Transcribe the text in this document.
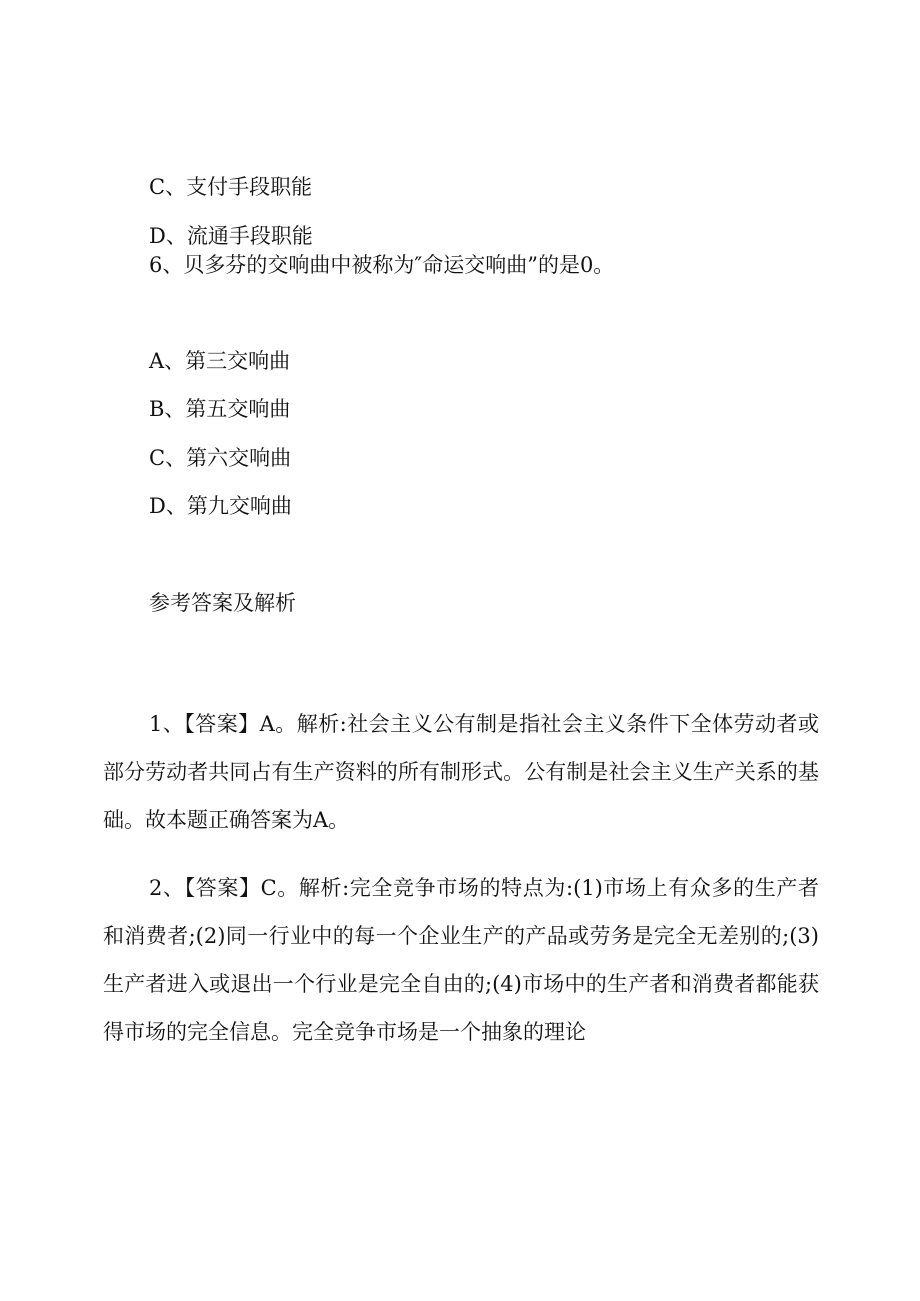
C、支付手段职能
D、流通手段职能
6、贝多芬的交响曲中被称为″命运交响曲”的是0。
A、第三交响曲
B、第五交响曲
C、第六交响曲
D、第九交响曲
参考答案及解析

1、【答案】A。解析:社会主义公有制是指社会主义条件下全体劳动者或部分劳动者共同占有生产资料的所有制形式。公有制是社会主义生产关系的基础。故本题正确答案为A。

2、【答案】C。解析:完全竞争市场的特点为:(1)市场上有众多的生产者和消费者;(2)同一行业中的每一个企业生产的产品或劳务是完全无差别的;(3)生产者进入或退出一个行业是完全自由的;(4)市场中的生产者和消费者都能获得市场的完全信息。完全竞争市场是一个抽象的理论
